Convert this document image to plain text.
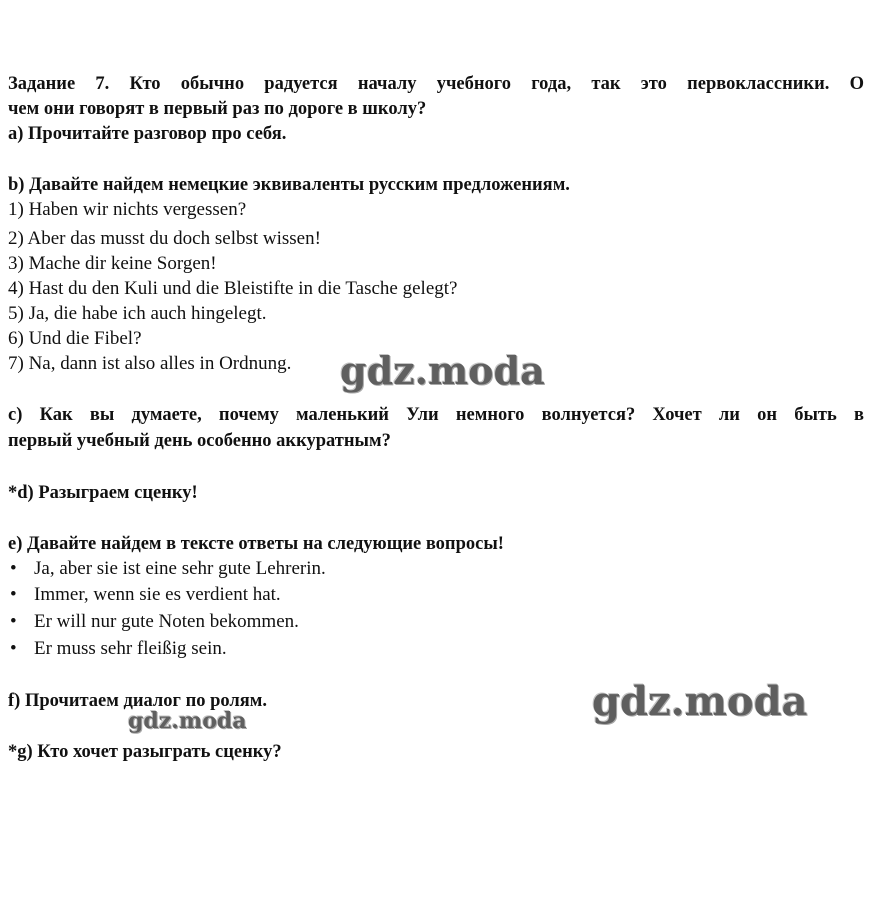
Задание 7. Кто обычно радуется началу учебного года, так это первоклассники. О
чем они говорят в первый раз по дороге в школу?
a) Прочитайте разговор про себя.
b) Давайте найдем немецкие эквиваленты русским предложениям.
1) Haben wir nichts vergessen?
2) Aber das musst du doch selbst wissen!
3) Mache dir keine Sorgen!
4) Hast du den Kuli und die Bleistifte in die Tasche gelegt?
5) Ja, die habe ich auch hingelegt.
6) Und die Fibel?
7) Na, dann ist also alles in Ordnung.
c) Как вы думаете, почему маленький Ули немного волнуется? Хочет ли он быть в
первый учебный день особенно аккуратным?
*d) Разыграем сценку!
e) Давайте найдем в тексте ответы на следующие вопросы!
• Ja, aber sie ist eine sehr gute Lehrerin.
• Immer, wenn sie es verdient hat.
• Er will nur gute Noten bekommen.
• Er muss sehr fleißig sein.
f) Прочитаем диалог по ролям.
*g) Кто хочет разыграть сценку?
gdz.moda
gdz.moda
gdz.moda
